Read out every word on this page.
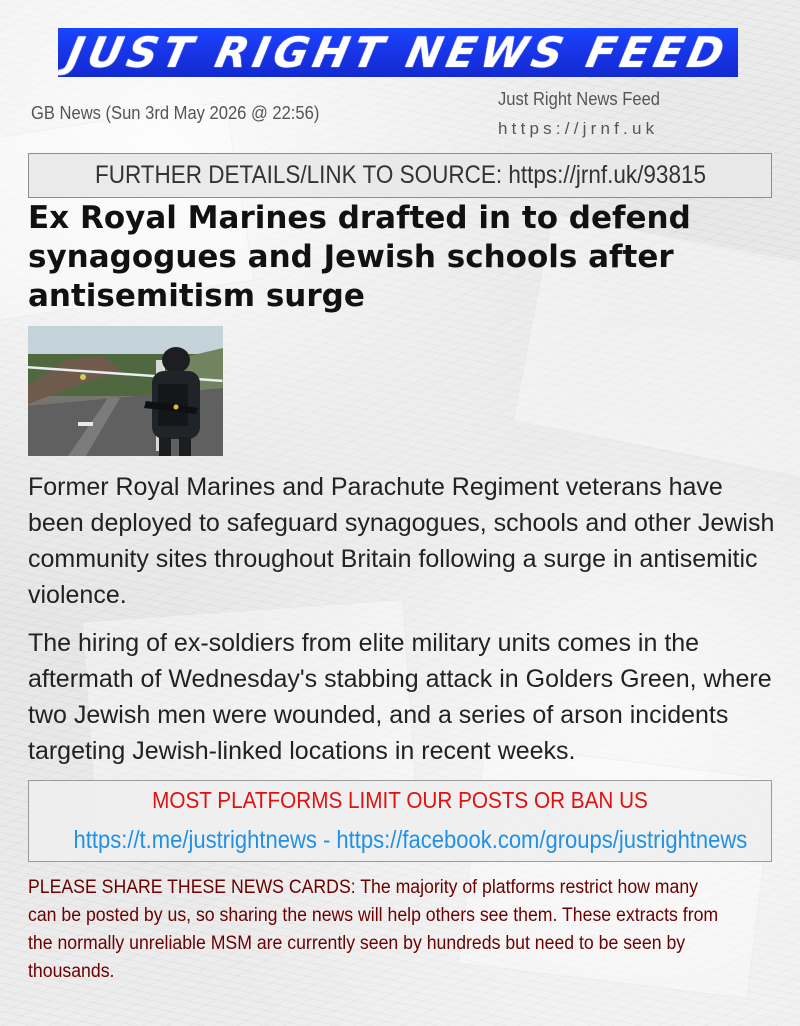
JUST RIGHT NEWS FEED
GB News (Sun 3rd May 2026 @ 22:56)
Just Right News Feed
https://jrnf.uk
FURTHER DETAILS/LINK TO SOURCE: https://jrnf.uk/93815
Ex Royal Marines drafted in to defend synagogues and Jewish schools after antisemitism surge

Former Royal Marines and Parachute Regiment veterans have been deployed to safeguard synagogues, schools and other Jewish community sites throughout Britain following a surge in antisemitic violence.

The hiring of ex-soldiers from elite military units comes in the aftermath of Wednesday's stabbing attack in Golders Green, where two Jewish men were wounded, and a series of arson incidents targeting Jewish-linked locations in recent weeks.

MOST PLATFORMS LIMIT OUR POSTS OR BAN US
https://t.me/justrightnews - https://facebook.com/groups/justrightnews

PLEASE SHARE THESE NEWS CARDS: The majority of platforms restrict how many can be posted by us, so sharing the news will help others see them. These extracts from the normally unreliable MSM are currently seen by hundreds but need to be seen by thousands.
